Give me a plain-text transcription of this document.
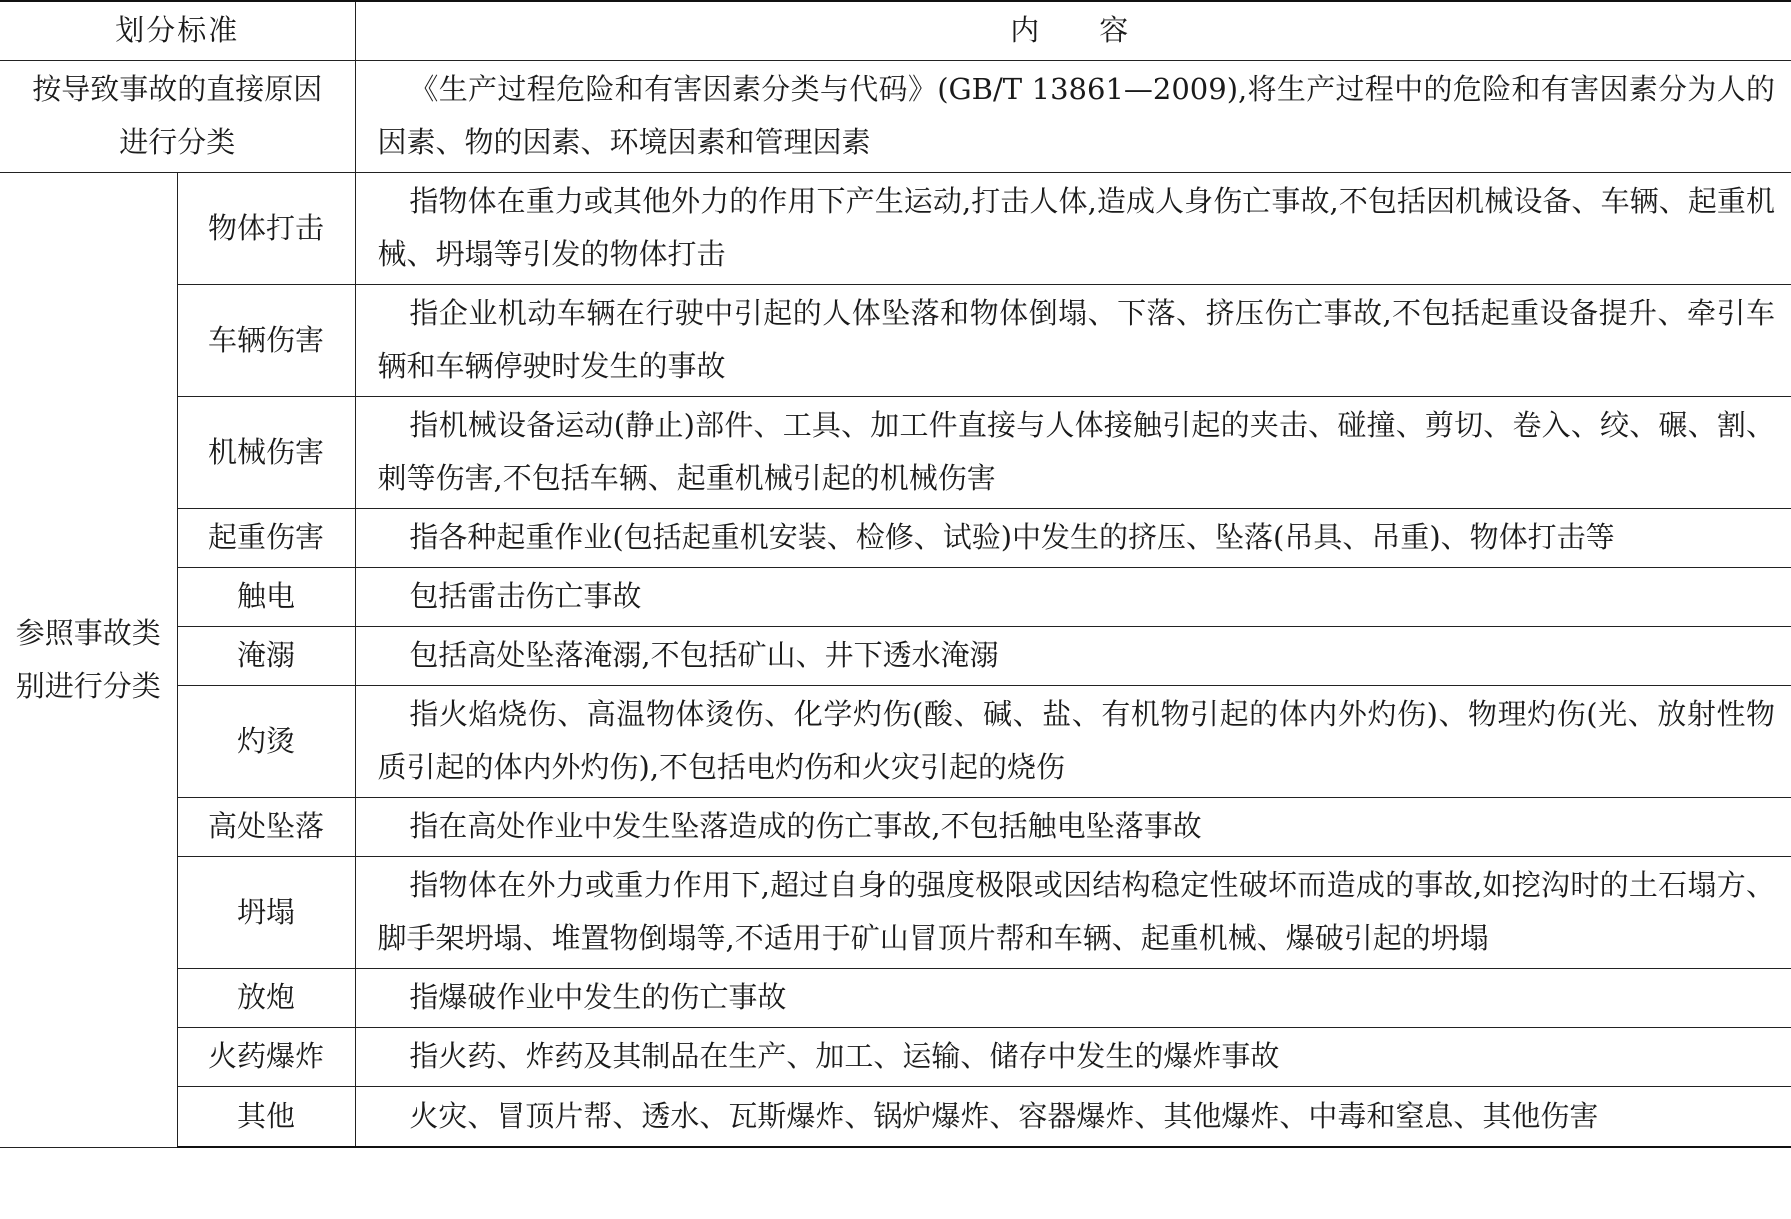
划分标准		内容
按导致事故的直接原因进行分类		《生产过程危险和有害因素分类与代码》(GB/T 13861—2009),将生产过程中的危险和有害因素分为人的因素、物的因素、环境因素和管理因素
参照事故类别进行分类	物体打击	指物体在重力或其他外力的作用下产生运动,打击人体,造成人身伤亡事故,不包括因机械设备、车辆、起重机械、坍塌等引发的物体打击
	车辆伤害	指企业机动车辆在行驶中引起的人体坠落和物体倒塌、下落、挤压伤亡事故,不包括起重设备提升、牵引车辆和车辆停驶时发生的事故
	机械伤害	指机械设备运动(静止)部件、工具、加工件直接与人体接触引起的夹击、碰撞、剪切、卷入、绞、碾、割、刺等伤害,不包括车辆、起重机械引起的机械伤害
	起重伤害	指各种起重作业(包括起重机安装、检修、试验)中发生的挤压、坠落(吊具、吊重)、物体打击等
	触电	包括雷击伤亡事故
	淹溺	包括高处坠落淹溺,不包括矿山、井下透水淹溺
	灼烫	指火焰烧伤、高温物体烫伤、化学灼伤(酸、碱、盐、有机物引起的体内外灼伤)、物理灼伤(光、放射性物质引起的体内外灼伤),不包括电灼伤和火灾引起的烧伤
	高处坠落	指在高处作业中发生坠落造成的伤亡事故,不包括触电坠落事故
	坍塌	指物体在外力或重力作用下,超过自身的强度极限或因结构稳定性破坏而造成的事故,如挖沟时的土石塌方、脚手架坍塌、堆置物倒塌等,不适用于矿山冒顶片帮和车辆、起重机械、爆破引起的坍塌
	放炮	指爆破作业中发生的伤亡事故
	火药爆炸	指火药、炸药及其制品在生产、加工、运输、储存中发生的爆炸事故
	其他	火灾、冒顶片帮、透水、瓦斯爆炸、锅炉爆炸、容器爆炸、其他爆炸、中毒和窒息、其他伤害
